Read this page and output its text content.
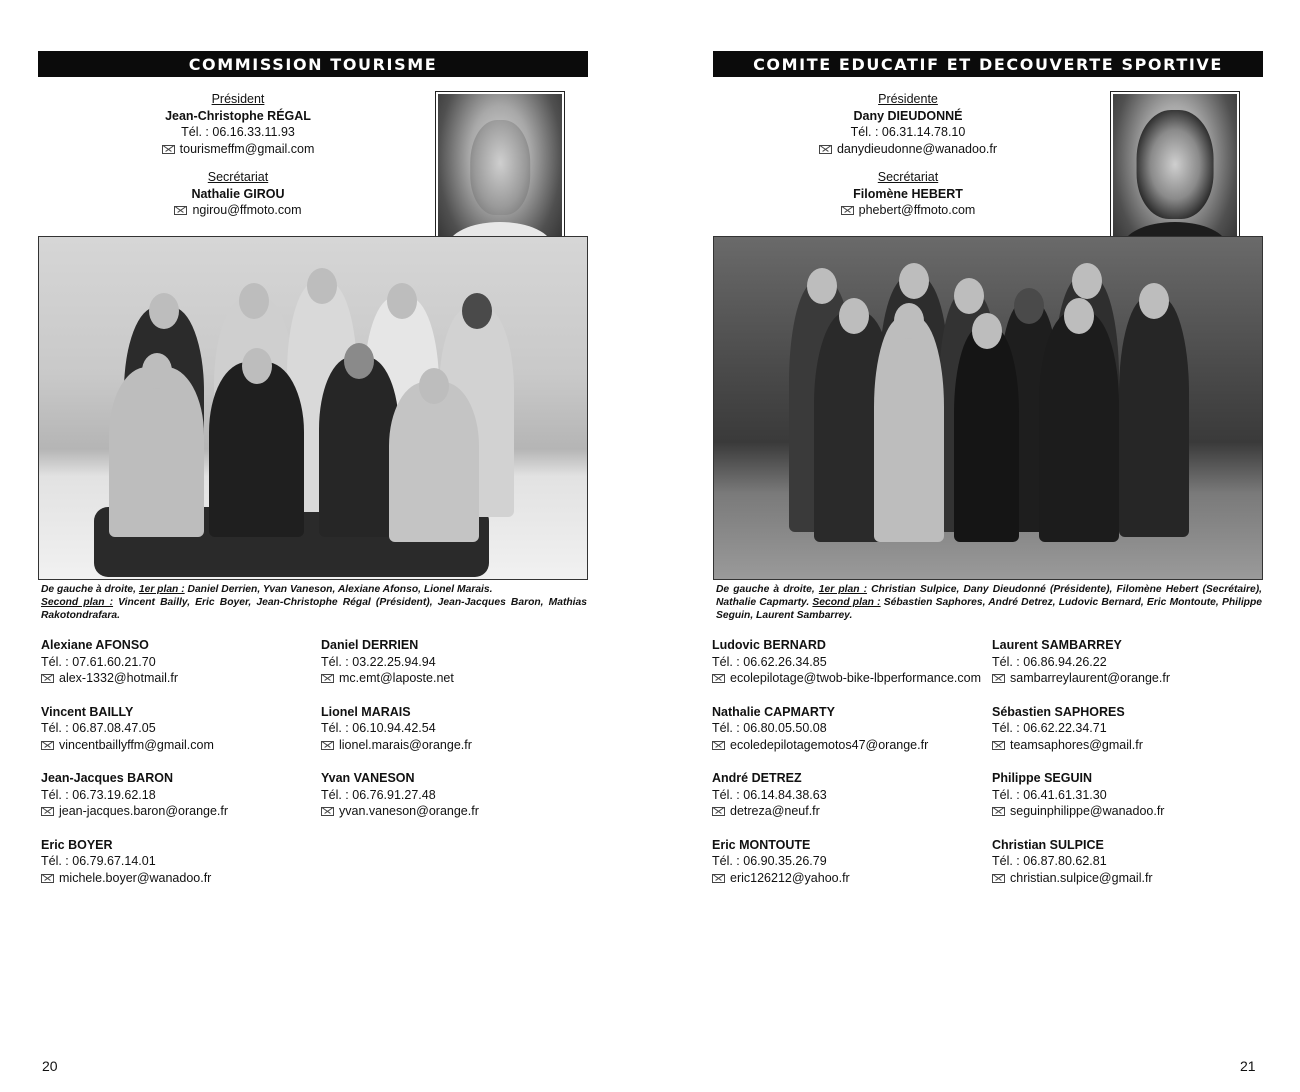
COMMISSION TOURISME
Président
Jean-Christophe RÉGAL
Tél. : 06.16.33.11.93
tourismeffm@gmail.com
Secrétariat
Nathalie GIROU
ngirou@ffmoto.com
De gauche à droite, 1er plan : Daniel Derrien, Yvan Vaneson, Alexiane Afonso, Lionel Marais.
Second plan : Vincent Bailly, Eric Boyer, Jean-Christophe Régal (Président), Jean-Jacques Baron, Mathias Rakotondrafara.
Alexiane AFONSO
Tél. : 07.61.60.21.70
alex-1332@hotmail.fr
Daniel DERRIEN
Tél. : 03.22.25.94.94
mc.emt@laposte.net
Vincent BAILLY
Tél. : 06.87.08.47.05
vincentbaillyffm@gmail.com
Lionel MARAIS
Tél. : 06.10.94.42.54
lionel.marais@orange.fr
Jean-Jacques BARON
Tél. : 06.73.19.62.18
jean-jacques.baron@orange.fr
Yvan VANESON
Tél. : 06.76.91.27.48
yvan.vaneson@orange.fr
Eric BOYER
Tél. : 06.79.67.14.01
michele.boyer@wanadoo.fr
20
COMITE EDUCATIF ET DECOUVERTE SPORTIVE
Présidente
Dany DIEUDONNÉ
Tél. : 06.31.14.78.10
danydieudonne@wanadoo.fr
Secrétariat
Filomène HEBERT
phebert@ffmoto.com
De gauche à droite, 1er plan : Christian Sulpice, Dany Dieudonné (Présidente), Filomène Hebert (Secrétaire), Nathalie Capmarty. Second plan : Sébastien Saphores, André Detrez, Ludovic Bernard, Eric Montoute, Philippe Seguin, Laurent Sambarrey.
Ludovic BERNARD
Tél. : 06.62.26.34.85
ecolepilotage@twob-bike-lbperformance.com
Laurent SAMBARREY
Tél. : 06.86.94.26.22
sambarreylaurent@orange.fr
Nathalie CAPMARTY
Tél. : 06.80.05.50.08
ecoledepilotagemotos47@orange.fr
Sébastien SAPHORES
Tél. : 06.62.22.34.71
teamsaphores@gmail.fr
André DETREZ
Tél. : 06.14.84.38.63
detreza@neuf.fr
Philippe SEGUIN
Tél. : 06.41.61.31.30
seguinphilippe@wanadoo.fr
Eric MONTOUTE
Tél. : 06.90.35.26.79
eric126212@yahoo.fr
Christian SULPICE
Tél. : 06.87.80.62.81
christian.sulpice@gmail.fr
21
